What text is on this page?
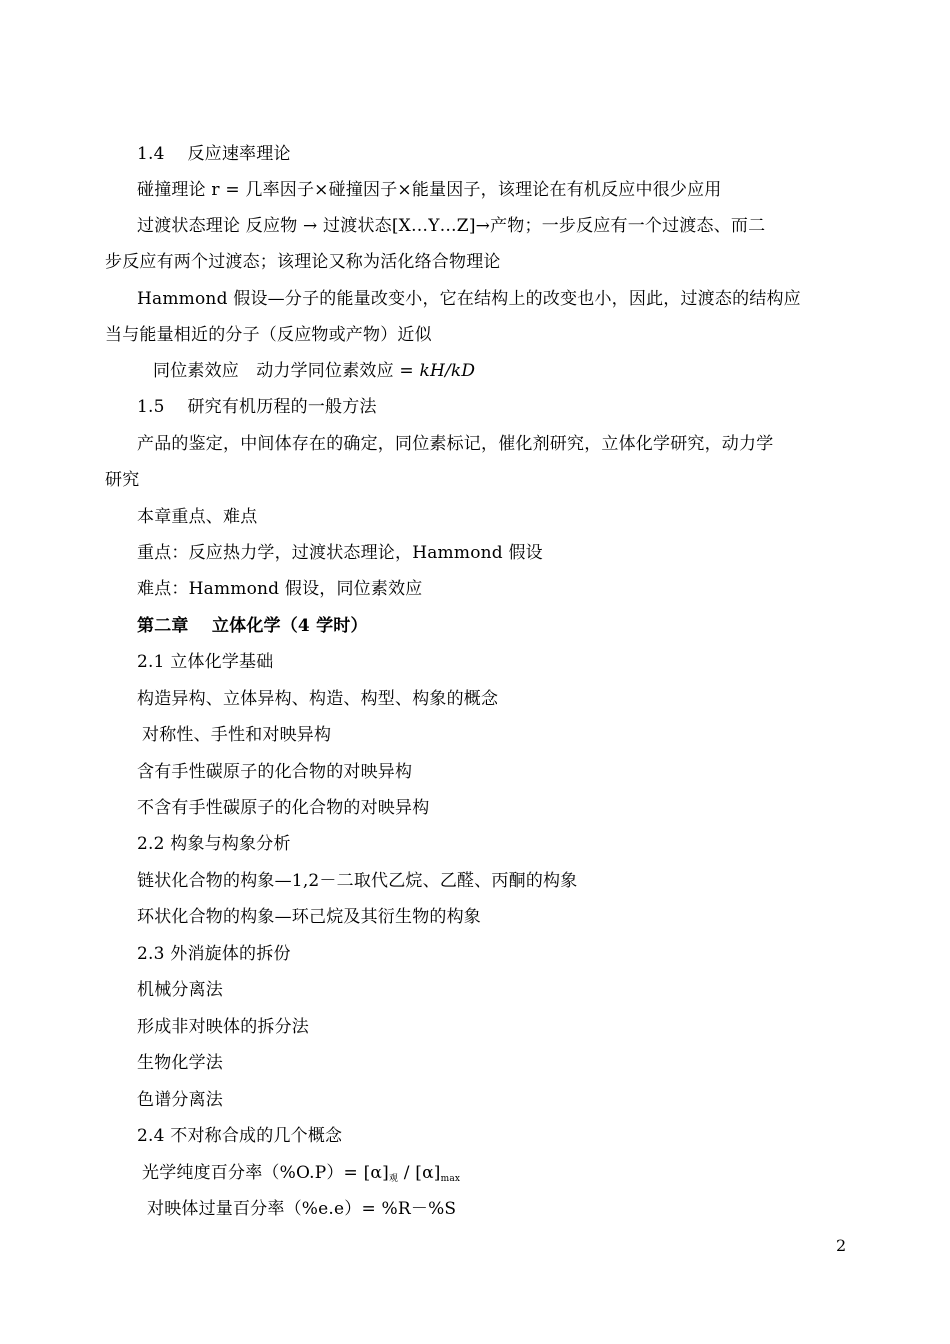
1.4　 反应速率理论
碰撞理论 r = 几率因子×碰撞因子×能量因子，该理论在有机反应中很少应用
过渡状态理论 反应物 → 过渡状态[X…Y…Z]→产物；一步反应有一个过渡态、而二
步反应有两个过渡态；该理论又称为活化络合物理论
Hammond 假设—分子的能量改变小，它在结构上的改变也小，因此，过渡态的结构应
当与能量相近的分子（反应物或产物）近似
同位素效应　动力学同位素效应 = kH/kD
1.5　 研究有机历程的一般方法
产品的鉴定，中间体存在的确定，同位素标记，催化剂研究，立体化学研究，动力学
研究
本章重点、难点
重点：反应热力学，过渡状态理论，Hammond 假设
难点：Hammond 假设，同位素效应
第二章　 立体化学（4 学时）
2.1 立体化学基础
构造异构、立体异构、构造、构型、构象的概念
对称性、手性和对映异构
含有手性碳原子的化合物的对映异构
不含有手性碳原子的化合物的对映异构
2.2 构象与构象分析
链状化合物的构象—1,2－二取代乙烷、乙醛、丙酮的构象
环状化合物的构象—环己烷及其衍生物的构象
2.3 外消旋体的拆份
机械分离法
形成非对映体的拆分法
生物化学法
色谱分离法
2.4 不对称合成的几个概念
光学纯度百分率$(\%O.P)= [\alpha]_观 / [\alpha]_{max}$
对映体过量百分率（%e.e）= %R－%S
2
